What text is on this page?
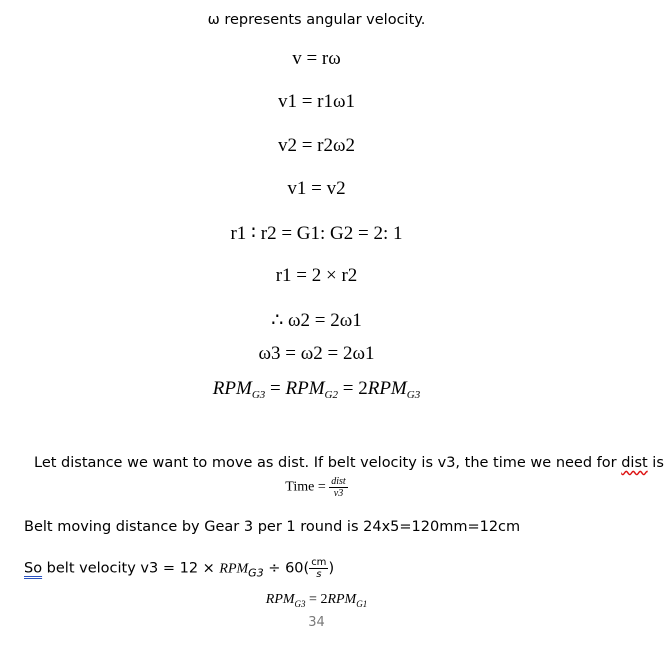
ω represents angular velocity.
v = rω
v1 = r1ω1
v2 = r2ω2
v1 = v2
r1 ∶ r2 = G1: G2 = 2: 1
r1 = 2 × r2
∴ ω2 = 2ω1
ω3 = ω2 = 2ω1
$RPM_{G3} = RPM_{G2} = 2RPM_{G3}$
Let distance we want to move as dist. If belt velocity is v3, the time we need for dist is
Time = $\frac{\text{dist}}{v3}$
Belt moving distance by Gear 3 per 1 round is 24x5=120mm=12cm
So belt velocity $v3 = 12 \times RPM_{G3} \div 60( \frac{cm}{s}$ )
$RPM_{G3} = 2RPM_{G1}$
34
